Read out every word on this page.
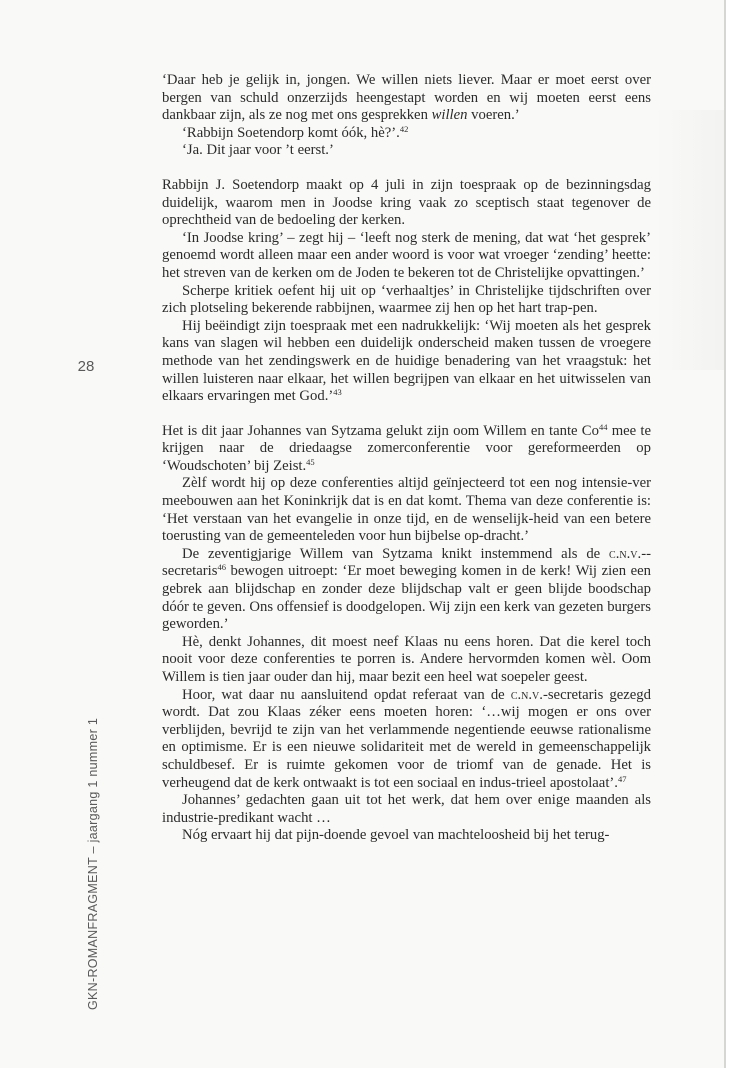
28
GKN-ROMANFRAGMENT – jaargang 1 nummer 1

‘Daar heb je gelijk in, jongen. We willen niets liever. Maar er moet eerst over bergen van schuld onzerzijds heengestapt worden en wij moeten eerst eens dankbaar zijn, als ze nog met ons gesprekken willen voeren.’

‘Rabbijn Soetendorp komt óók, hè?’.$^{42}$

‘Ja. Dit jaar voor ’t eerst.’

Rabbijn J. Soetendorp maakt op 4 juli in zijn toespraak op de bezinningsdag duidelijk, waarom men in Joodse kring vaak zo sceptisch staat tegenover de oprechtheid van de bedoeling der kerken.

‘In Joodse kring’ – zegt hij – ‘leeft nog sterk de mening, dat wat ‘het gesprek’ genoemd wordt alleen maar een ander woord is voor wat vroeger ‘zending’ heette: het streven van de kerken om de Joden te bekeren tot de Christelijke opvattingen.’

Scherpe kritiek oefent hij uit op ‘verhaaltjes’ in Christelijke tijdschriften over zich plotseling bekerende rabbijnen, waarmee zij hen op het hart trap-pen.

Hij beëindigt zijn toespraak met een nadrukkelijk: ‘Wij moeten als het gesprek kans van slagen wil hebben een duidelijk onderscheid maken tussen de vroegere methode van het zendingswerk en de huidige benadering van het vraagstuk: het willen luisteren naar elkaar, het willen begrijpen van elkaar en het uitwisselen van elkaars ervaringen met God.’$^{43}$

Het is dit jaar Johannes van Sytzama gelukt zijn oom Willem en tante Co$^{44}$ mee te krijgen naar de driedaagse zomerconferentie voor gereformeerden op ‘Woudschoten’ bij Zeist.$^{45}$

Zèlf wordt hij op deze conferenties altijd geïnjecteerd tot een nog intensie-ver meebouwen aan het Koninkrijk dat is en dat komt. Thema van deze conferentie is: ‘Het verstaan van het evangelie in onze tijd, en de wenselijk-heid van een betere toerusting van de gemeenteleden voor hun bijbelse op-dracht.’

De zeventigjarige Willem van Sytzama knikt instemmend als de c.n.v.-secretaris$^{46}$ bewogen uitroept: ‘Er moet beweging komen in de kerk! Wij zien een gebrek aan blijdschap en zonder deze blijdschap valt er geen blijde boodschap dóór te geven. Ons offensief is doodgelopen. Wij zijn een kerk van gezeten burgers geworden.’

Hè, denkt Johannes, dit moest neef Klaas nu eens horen. Dat die kerel toch nooit voor deze conferenties te porren is. Andere hervormden komen wèl. Oom Willem is tien jaar ouder dan hij, maar bezit een heel wat soepeler geest.

Hoor, wat daar nu aansluitend opdat referaat van de c.n.v.-secretaris gezegd wordt. Dat zou Klaas zéker eens moeten horen: ‘…wij mogen er ons over verblijden, bevrijd te zijn van het verlammende negentiende eeuwse rationalisme en optimisme. Er is een nieuwe solidariteit met de wereld in gemeenschappelijk schuldbesef. Er is ruimte gekomen voor de triomf van de genade. Het is verheugend dat de kerk ontwaakt is tot een sociaal en indus-trieel apostolaat’.$^{47}$

Johannes’ gedachten gaan uit tot het werk, dat hem over enige maanden als industrie-predikant wacht …

Nóg ervaart hij dat pijn-doende gevoel van machteloosheid bij het terug-
